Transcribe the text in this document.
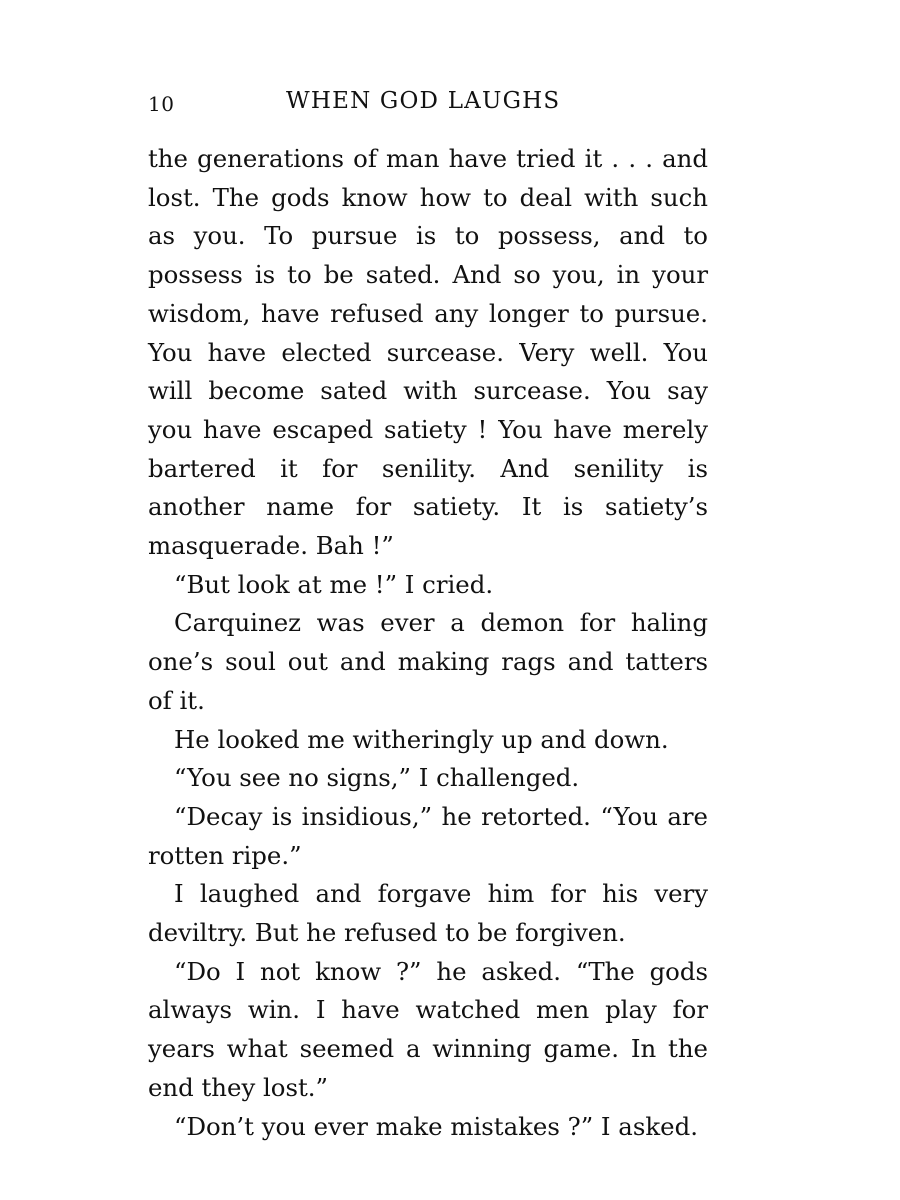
10	WHEN GOD LAUGHS

the generations of man have tried it . . . and lost. The gods know how to deal with such as you. To pursue is to possess, and to possess is to be sated. And so you, in your wisdom, have refused any longer to pursue. You have elected surcease. Very well. You will become sated with surcease. You say you have escaped satiety ! You have merely bartered it for senility. And senility is another name for satiety. It is satiety’s masquerade. Bah !”

“But look at me !” I cried.

Carquinez was ever a demon for haling one’s soul out and making rags and tatters of it.

He looked me witheringly up and down.

“You see no signs,” I challenged.

“Decay is insidious,” he retorted. “You are rotten ripe.”

I laughed and forgave him for his very deviltry. But he refused to be forgiven.

“Do I not know ?” he asked. “The gods always win. I have watched men play for years what seemed a winning game. In the end they lost.”

“Don’t you ever make mistakes ?” I asked.
